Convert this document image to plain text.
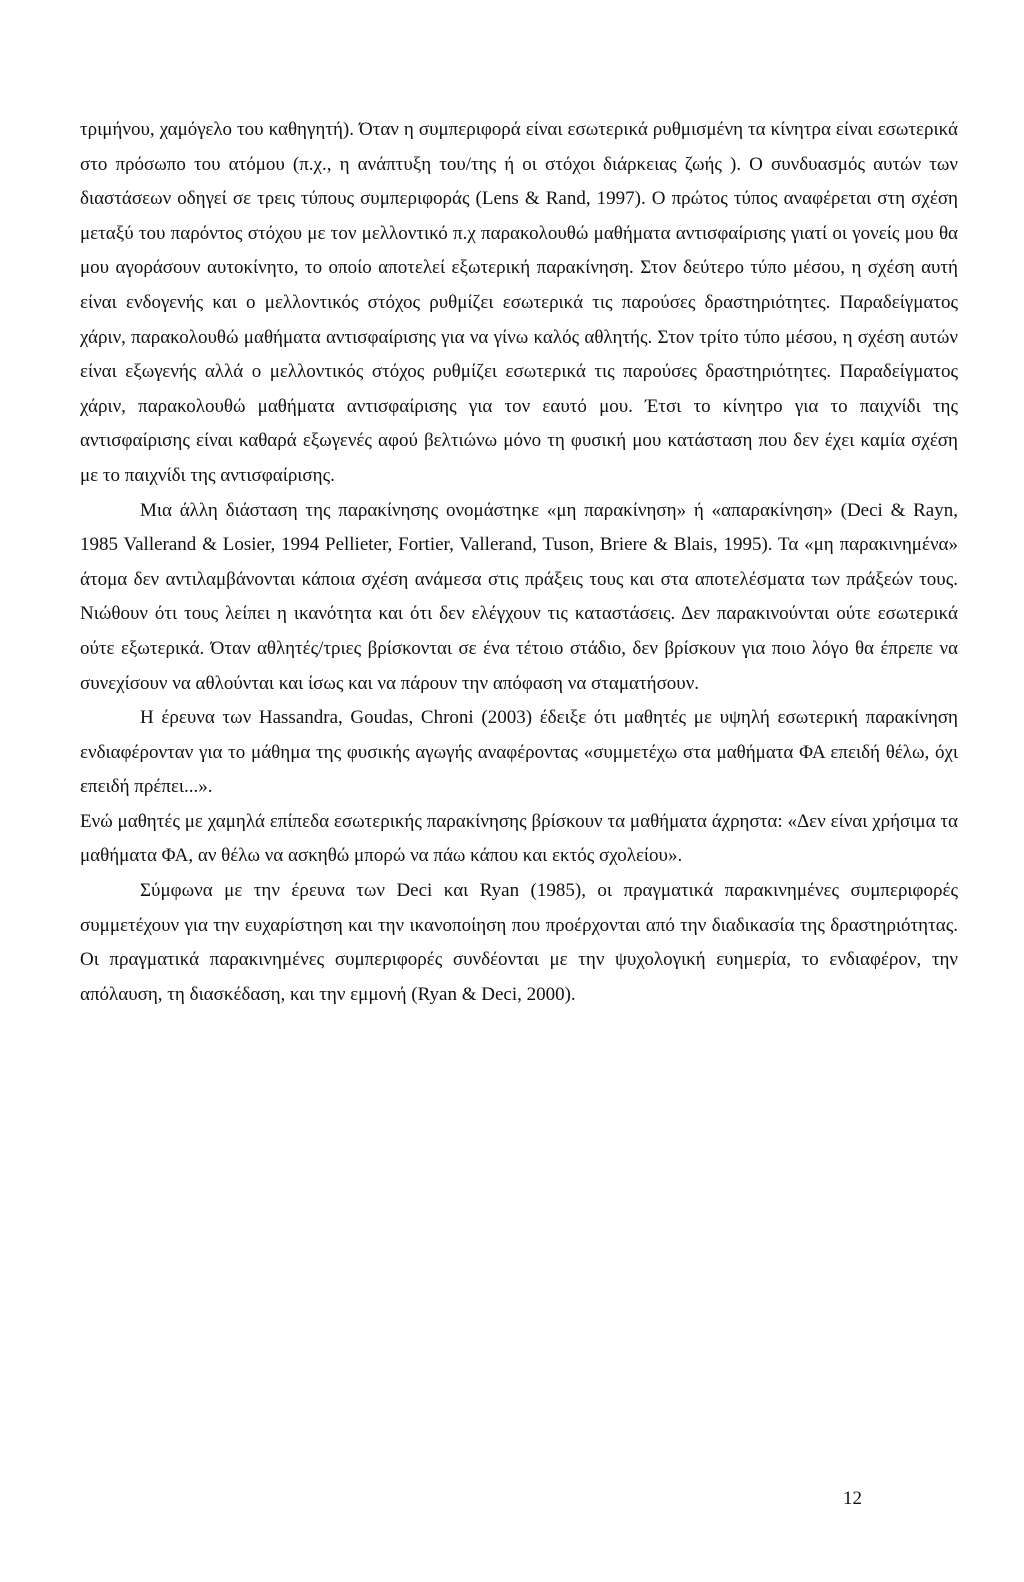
τριμήνου, χαμόγελο του καθηγητή). Όταν η συμπεριφορά είναι εσωτερικά ρυθμισμένη τα κίνητρα είναι εσωτερικά στο πρόσωπο του ατόμου (π.χ., η ανάπτυξη του/της ή οι στόχοι διάρκειας ζωής ). Ο συνδυασμός αυτών των διαστάσεων οδηγεί σε τρεις τύπους συμπεριφοράς (Lens & Rand, 1997). Ο πρώτος τύπος αναφέρεται στη σχέση μεταξύ του παρόντος στόχου με τον μελλοντικό π.χ παρακολουθώ μαθήματα αντισφαίρισης γιατί οι γονείς μου θα μου αγοράσουν αυτοκίνητο, το οποίο αποτελεί εξωτερική παρακίνηση. Στον δεύτερο τύπο μέσου, η σχέση αυτή είναι ενδογενής και ο μελλοντικός στόχος ρυθμίζει εσωτερικά τις παρούσες δραστηριότητες. Παραδείγματος χάριν, παρακολουθώ μαθήματα αντισφαίρισης για να γίνω καλός αθλητής. Στον τρίτο τύπο μέσου, η σχέση αυτών είναι εξωγενής αλλά ο μελλοντικός στόχος ρυθμίζει εσωτερικά τις παρούσες δραστηριότητες. Παραδείγματος χάριν, παρακολουθώ μαθήματα αντισφαίρισης για τον εαυτό μου. Έτσι το κίνητρο για το παιχνίδι της αντισφαίρισης είναι καθαρά εξωγενές αφού βελτιώνω μόνο τη φυσική μου κατάσταση που δεν έχει καμία σχέση με το παιχνίδι της αντισφαίρισης.

Μια άλλη διάσταση της παρακίνησης ονομάστηκε «μη παρακίνηση» ή «απαρακίνηση» (Deci & Rayn, 1985 Vallerand & Losier, 1994 Pellieter, Fortier, Vallerand, Tuson, Briere & Blais, 1995). Τα «μη παρακινημένα» άτομα δεν αντιλαμβάνονται κάποια σχέση ανάμεσα στις πράξεις τους και στα αποτελέσματα των πράξεών τους. Νιώθουν ότι τους λείπει η ικανότητα και ότι δεν ελέγχουν τις καταστάσεις. Δεν παρακινούνται ούτε εσωτερικά ούτε εξωτερικά. Όταν αθλητές/τριες βρίσκονται σε ένα τέτοιο στάδιο, δεν βρίσκουν για ποιο λόγο θα έπρεπε να συνεχίσουν να αθλούνται και ίσως και να πάρουν την απόφαση να σταματήσουν.

Η έρευνα των Hassandra, Goudas, Chroni (2003) έδειξε ότι μαθητές με υψηλή εσωτερική παρακίνηση ενδιαφέρονταν για το μάθημα της φυσικής αγωγής αναφέροντας «συμμετέχω στα μαθήματα ΦΑ επειδή θέλω, όχι επειδή πρέπει...».

Ενώ μαθητές με χαμηλά επίπεδα εσωτερικής παρακίνησης βρίσκουν τα μαθήματα άχρηστα: «Δεν είναι χρήσιμα τα μαθήματα ΦΑ, αν θέλω να ασκηθώ μπορώ να πάω κάπου και εκτός σχολείου».

Σύμφωνα με την έρευνα των Deci και Ryan (1985), οι πραγματικά παρακινημένες συμπεριφορές συμμετέχουν για την ευχαρίστηση και την ικανοποίηση που προέρχονται από την διαδικασία της δραστηριότητας. Οι πραγματικά παρακινημένες συμπεριφορές συνδέονται με την ψυχολογική ευημερία, το ενδιαφέρον, την απόλαυση, τη διασκέδαση, και την εμμονή (Ryan & Deci, 2000).

12
